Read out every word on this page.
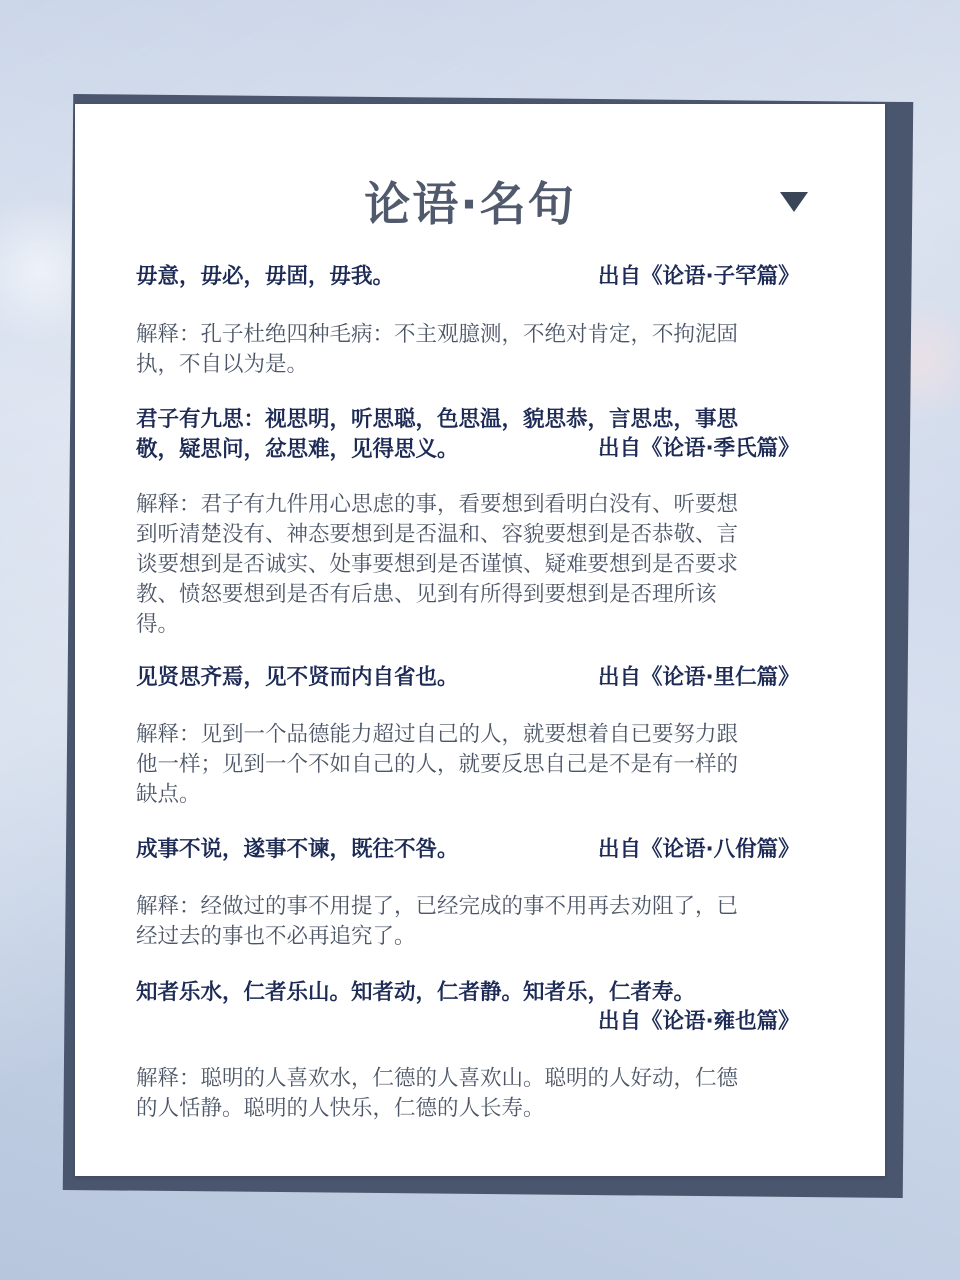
论语·名句
毋意，毋必，毋固，毋我。	出自《论语·子罕篇》
解释：孔子杜绝四种毛病：不主观臆测，不绝对肯定，不拘泥固
执，不自以为是。
君子有九思：视思明，听思聪，色思温，貌思恭，言思忠，事思
敬，疑思问，忿思难，见得思义。	出自《论语·季氏篇》
解释：君子有九件用心思虑的事，看要想到看明白没有、听要想
到听清楚没有、神态要想到是否温和、容貌要想到是否恭敬、言
谈要想到是否诚实、处事要想到是否谨慎、疑难要想到是否要求
教、愤怒要想到是否有后患、见到有所得到要想到是否理所该
得。
见贤思齐焉，见不贤而内自省也。	出自《论语·里仁篇》
解释：见到一个品德能力超过自己的人，就要想着自已要努力跟
他一样；见到一个不如自己的人，就要反思自己是不是有一样的
缺点。
成事不说，遂事不谏，既往不咎。	出自《论语·八佾篇》
解释：经做过的事不用提了，已经完成的事不用再去劝阻了，已
经过去的事也不必再追究了。
知者乐水，仁者乐山。知者动，仁者静。知者乐，仁者寿。
出自《论语·雍也篇》
解释：聪明的人喜欢水，仁德的人喜欢山。聪明的人好动，仁德
的人恬静。聪明的人快乐，仁德的人长寿。
